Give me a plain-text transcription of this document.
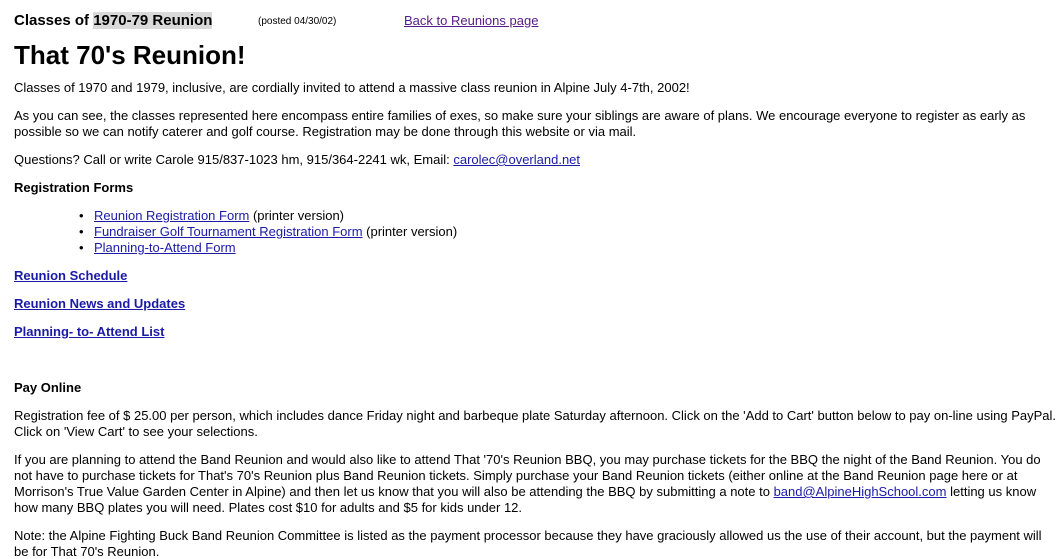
Classes of 1970-79 Reunion	(posted 04/30/02)	Back to Reunions page
That 70's Reunion!

Classes of 1970 and 1979, inclusive, are cordially invited to attend a massive class reunion in Alpine July 4-7th, 2002!

As you can see, the classes represented here encompass entire families of exes, so make sure your siblings are aware of plans. We encourage everyone to register as early as possible so we can notify caterer and golf course. Registration may be done through this website or via mail.

Questions? Call or write Carole 915/837-1023 hm, 915/364-2241 wk, Email: carolec@overland.net

Registration Forms
• Reunion Registration Form (printer version)
• Fundraiser Golf Tournament Registration Form (printer version)
• Planning-to-Attend Form
Reunion Schedule
Reunion News and Updates
Planning- to- Attend List
Pay Online

Registration fee of $ 25.00 per person, which includes dance Friday night and barbeque plate Saturday afternoon. Click on the 'Add to Cart' button below to pay on-line using PayPal. Click on 'View Cart' to see your selections.

If you are planning to attend the Band Reunion and would also like to attend That '70's Reunion BBQ, you may purchase tickets for the BBQ the night of the Band Reunion. You do not have to purchase tickets for That's 70's Reunion plus Band Reunion tickets. Simply purchase your Band Reunion tickets (either online at the Band Reunion page here or at Morrison's True Value Garden Center in Alpine) and then let us know that you will also be attending the BBQ by submitting a note to band@AlpineHighSchool.com letting us know how many BBQ plates you will need. Plates cost $10 for adults and $5 for kids under 12.

Note: the Alpine Fighting Buck Band Reunion Committee is listed as the payment processor because they have graciously allowed us the use of their account, but the payment will be for That 70's Reunion.
